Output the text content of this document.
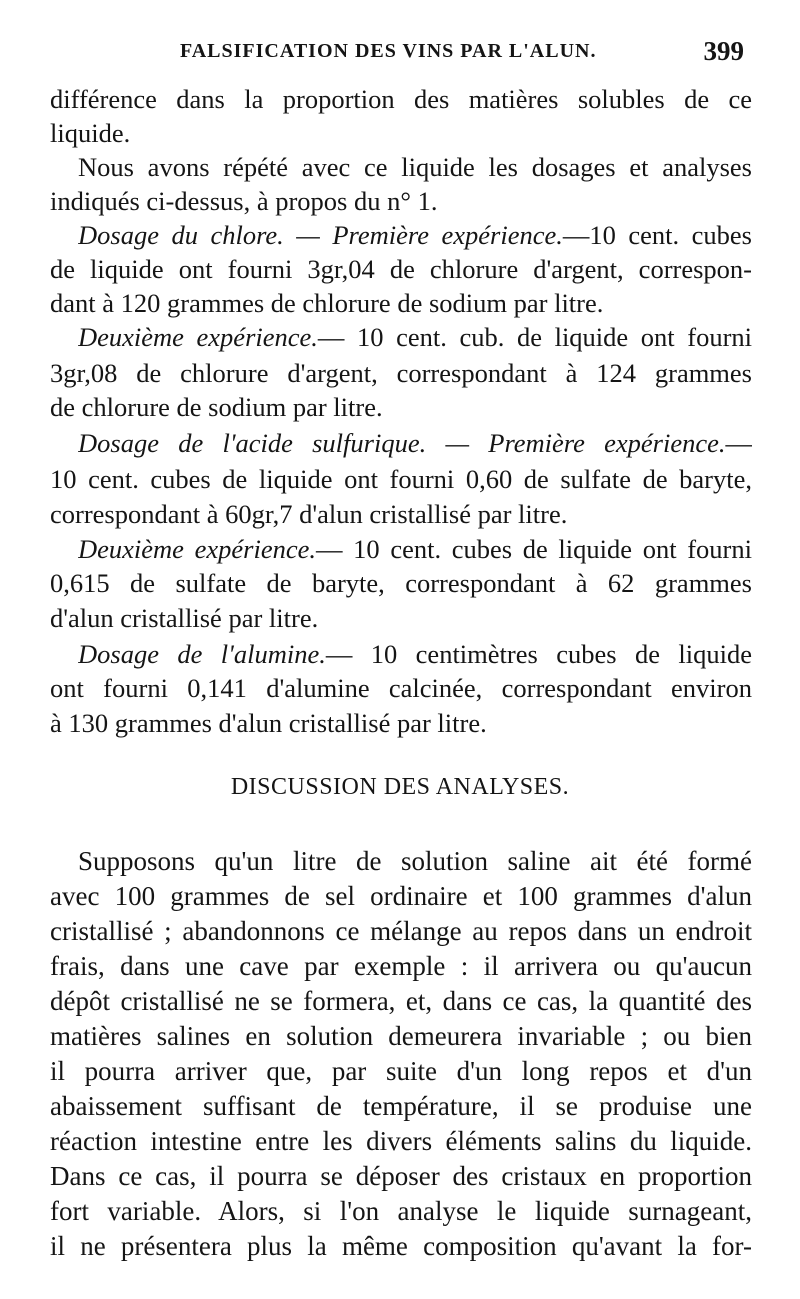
FALSIFICATION DES VINS PAR L'ALUN.	399
différence dans la proportion des matières solubles de ce
liquide.
Nous avons répété avec ce liquide les dosages et analyses
indiqués ci-dessus, à propos du n° 1.
Dosage du chlore. — Première expérience.—10 cent. cubes
de liquide ont fourni 3gr,04 de chlorure d'argent, correspon-
dant à 120 grammes de chlorure de sodium par litre.
Deuxième expérience.— 10 cent. cub. de liquide ont fourni
3gr,08 de chlorure d'argent, correspondant à 124 grammes
de chlorure de sodium par litre.
Dosage de l'acide sulfurique. — Première expérience.—
10 cent. cubes de liquide ont fourni 0,60 de sulfate de baryte,
correspondant à 60gr,7 d'alun cristallisé par litre.
Deuxième expérience.— 10 cent. cubes de liquide ont fourni
0,615 de sulfate de baryte, correspondant à 62 grammes
d'alun cristallisé par litre.
Dosage de l'alumine.— 10 centimètres cubes de liquide
ont fourni 0,141 d'alumine calcinée, correspondant environ
à 130 grammes d'alun cristallisé par litre.
DISCUSSION DES ANALYSES.
Supposons qu'un litre de solution saline ait été formé
avec 100 grammes de sel ordinaire et 100 grammes d'alun
cristallisé ; abandonnons ce mélange au repos dans un endroit
frais, dans une cave par exemple : il arrivera ou qu'aucun
dépôt cristallisé ne se formera, et, dans ce cas, la quantité des
matières salines en solution demeurera invariable ; ou bien
il pourra arriver que, par suite d'un long repos et d'un
abaissement suffisant de température, il se produise une
réaction intestine entre les divers éléments salins du liquide.
Dans ce cas, il pourra se déposer des cristaux en proportion
fort variable. Alors, si l'on analyse le liquide surnageant,
il ne présentera plus la même composition qu'avant la for-
